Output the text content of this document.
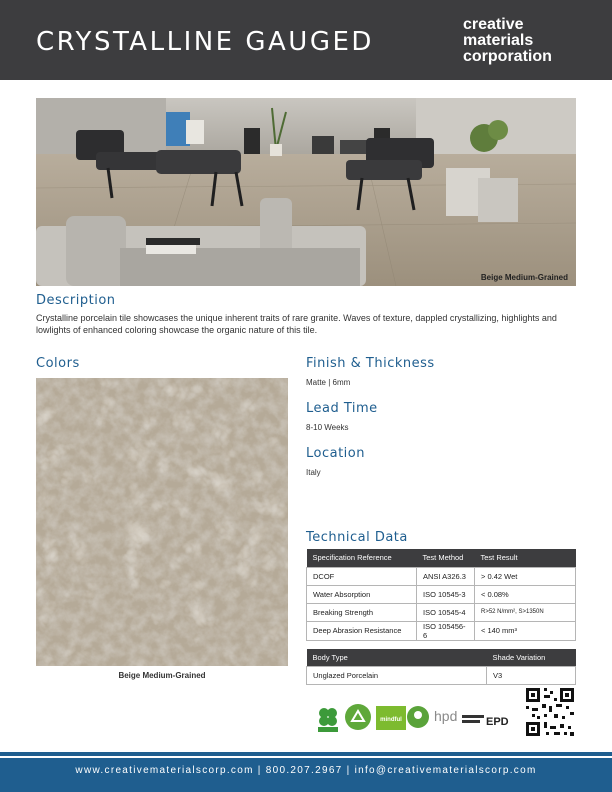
CRYSTALLINE GAUGED
creative
materials
corporation
Beige Medium-Grained
Description
Crystalline porcelain tile showcases the unique inherent traits of rare granite. Waves of texture, dappled crystallizing, highlights and lowlights of enhanced coloring showcase the organic nature of this tile.
Colors
Beige Medium-Grained
Finish & Thickness
Matte | 6mm
Lead Time
8-10 Weeks
Location
Italy
Technical Data
Specification Reference	Test Method	Test Result
DCOF	ANSI A326.3	> 0.42 Wet
Water Absorption	ISO 10545-3	< 0.08%
Breaking Strength	ISO 10545-4	R>52 N/mm², S>1350N
Deep Abrasion Resistance	ISO 105456-6	< 140 mm³
Body Type	Shade Variation
Unglazed Porcelain	V3
mindful hpd	EPD
www.creativematerialscorp.com | 800.207.2967 | info@creativematerialscorp.com
